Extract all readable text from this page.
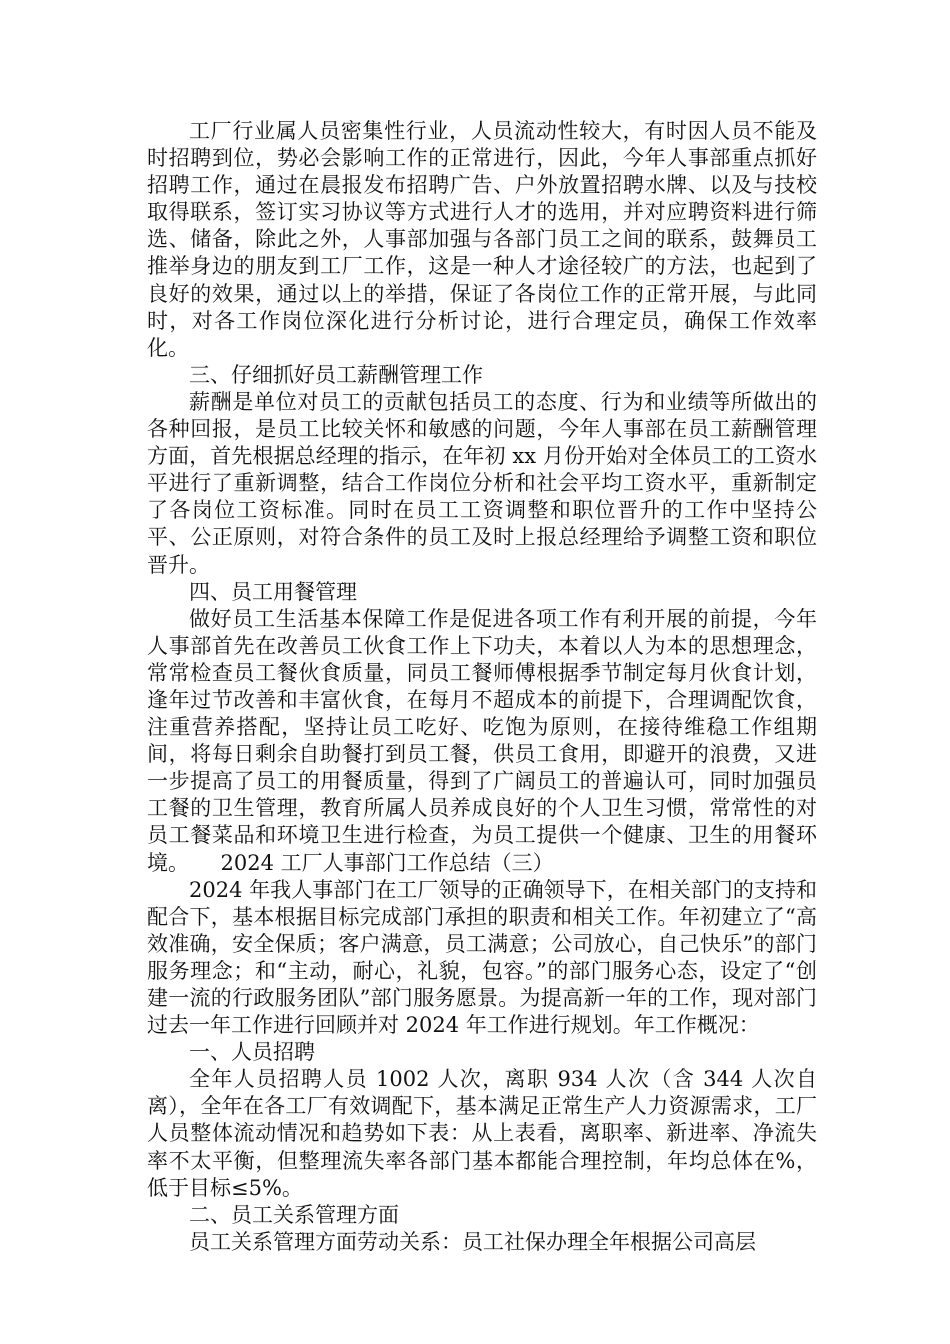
工厂行业属人员密集性行业，人员流动性较大，有时因人员不能及时招聘到位，势必会影响工作的正常进行，因此，今年人事部重点抓好招聘工作，通过在晨报发布招聘广告、户外放置招聘水牌、以及与技校取得联系，签订实习协议等方式进行人才的选用，并对应聘资料进行筛选、储备，除此之外，人事部加强与各部门员工之间的联系，鼓舞员工推举身边的朋友到工厂工作，这是一种人才途径较广的方法，也起到了良好的效果，通过以上的举措，保证了各岗位工作的正常开展，与此同时，对各工作岗位深化进行分析讨论，进行合理定员，确保工作效率化。

三、仔细抓好员工薪酬管理工作

薪酬是单位对员工的贡献包括员工的态度、行为和业绩等所做出的各种回报，是员工比较关怀和敏感的问题，今年人事部在员工薪酬管理方面，首先根据总经理的指示，在年初 xx 月份开始对全体员工的工资水平进行了重新调整，结合工作岗位分析和社会平均工资水平，重新制定了各岗位工资标准。同时在员工工资调整和职位晋升的工作中坚持公平、公正原则，对符合条件的员工及时上报总经理给予调整工资和职位晋升。

四、员工用餐管理

做好员工生活基本保障工作是促进各项工作有利开展的前提，今年人事部首先在改善员工伙食工作上下功夫，本着以人为本的思想理念，常常检查员工餐伙食质量，同员工餐师傅根据季节制定每月伙食计划，逢年过节改善和丰富伙食，在每月不超成本的前提下，合理调配饮食，注重营养搭配，坚持让员工吃好、吃饱为原则，在接待维稳工作组期间，将每日剩余自助餐打到员工餐，供员工食用，即避开的浪费，又进一步提高了员工的用餐质量，得到了广阔员工的普遍认可，同时加强员工餐的卫生管理，教育所属人员养成良好的个人卫生习惯，常常性的对员工餐菜品和环境卫生进行检查，为员工提供一个健康、卫生的用餐环境。　　2024 工厂人事部门工作总结（三）

2024 年我人事部门在工厂领导的正确领导下，在相关部门的支持和配合下，基本根据目标完成部门承担的职责和相关工作。年初建立了“高效准确，安全保质；客户满意，员工满意；公司放心，自己快乐”的部门服务理念；和“主动，耐心，礼貌，包容。”的部门服务心态，设定了“创建一流的行政服务团队”部门服务愿景。为提高新一年的工作，现对部门过去一年工作进行回顾并对 2024 年工作进行规划。年工作概况：

一、人员招聘

全年人员招聘人员 1002 人次，离职 934 人次（含 344 人次自离），全年在各工厂有效调配下，基本满足正常生产人力资源需求，工厂人员整体流动情况和趋势如下表：从上表看，离职率、新进率、净流失率不太平衡，但整理流失率各部门基本都能合理控制，年均总体在%，低于目标≤5%。

二、员工关系管理方面

员工关系管理方面劳动关系：员工社保办理全年根据公司高层
